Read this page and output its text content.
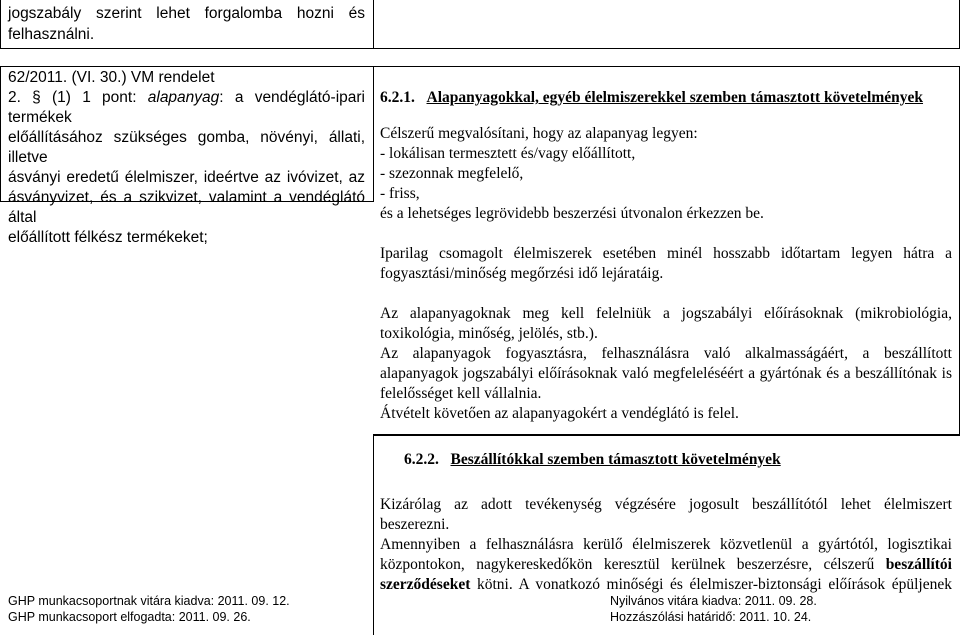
jogszabály szerint lehet forgalomba hozni és

felhasználni.

62/2011. (VI. 30.) VM rendelet

2. § (1) 1 pont: alapanyag: a vendéglátó-ipari termékek

előállításához szükséges gomba, növényi, állati, illetve

ásványi eredetű élelmiszer, ideértve az ivóvizet, az

ásványvizet, és a szikvizet, valamint a vendéglátó által

előállított félkész termékeket;

6.2.1. Alapanyagokkal, egyéb élelmiszerekkel szemben támasztott követelmények

Célszerű megvalósítani, hogy az alapanyag legyen:

- lokálisan termesztett és/vagy előállított,

- szezonnak megfelelő,

- friss,

és a lehetséges legrövidebb beszerzési útvonalon érkezzen be.

Iparilag csomagolt élelmiszerek esetében minél hosszabb időtartam legyen hátra a

fogyasztási/minőség megőrzési idő lejáratáig.

Az alapanyagoknak meg kell felelniük a jogszabályi előírásoknak (mikrobiológia,

toxikológia, minőség, jelölés, stb.).

Az alapanyagok fogyasztásra, felhasználásra való alkalmasságáért, a beszállított

alapanyagok jogszabályi előírásoknak való megfeleléséért a gyártónak és a beszállítónak is

felelősséget kell vállalnia.

Átvételt követően az alapanyagokért a vendéglátó is felel.

6.2.2. Beszállítókkal szemben támasztott követelmények

Kizárólag az adott tevékenység végzésére jogosult beszállítótól lehet élelmiszert

beszerezni.

Amennyiben a felhasználásra kerülő élelmiszerek közvetlenül a gyártótól, logisztikai

központokon, nagykereskedőkön keresztül kerülnek beszerzésre, célszerű beszállítói

szerződéseket kötni. A vonatkozó minőségi és élelmiszer-biztonsági előírások épüljenek

GHP munkacsoportnak vitára kiadva: 2011. 09. 12.
GHP munkacsoport elfogadta: 2011. 09. 26.
Nyilvános vitára kiadva: 2011. 09. 28.
Hozzászólási határidő: 2011. 10. 24.
